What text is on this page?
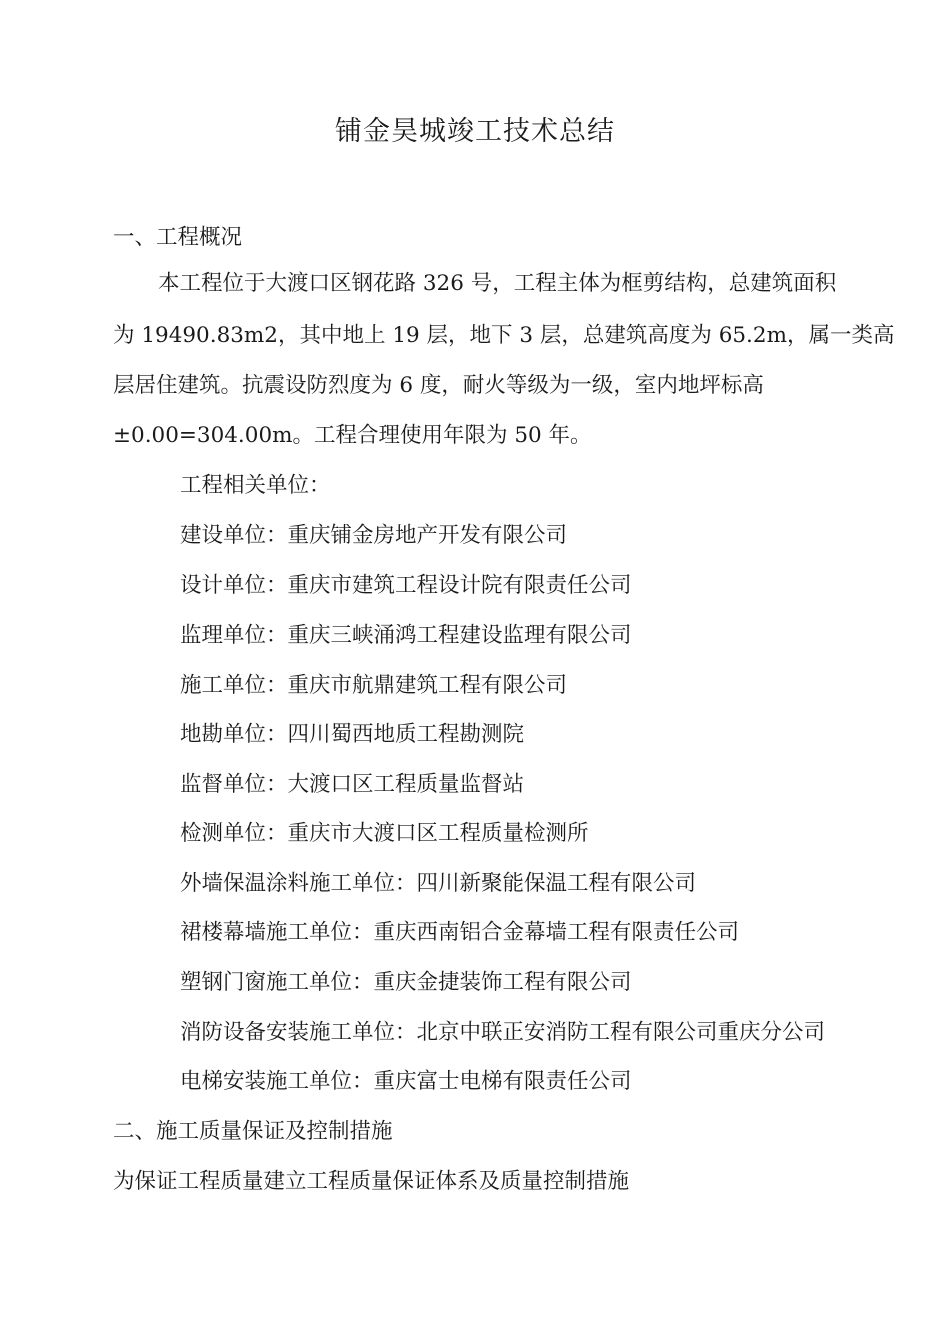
铺金昊城竣工技术总结
一、工程概况
本工程位于大渡口区钢花路 326 号，工程主体为框剪结构，总建筑面积
为 19490.83m2，其中地上 19 层，地下 3 层，总建筑高度为 65.2m，属一类高
层居住建筑。抗震设防烈度为 6 度，耐火等级为一级，室内地坪标高
±0.00=304.00m。工程合理使用年限为 50 年。
工程相关单位：
建设单位：重庆铺金房地产开发有限公司
设计单位：重庆市建筑工程设计院有限责任公司
监理单位：重庆三峡涌鸿工程建设监理有限公司
施工单位：重庆市航鼎建筑工程有限公司
地勘单位：四川蜀西地质工程勘测院
监督单位：大渡口区工程质量监督站
检测单位：重庆市大渡口区工程质量检测所
外墙保温涂料施工单位：四川新聚能保温工程有限公司
裙楼幕墙施工单位：重庆西南铝合金幕墙工程有限责任公司
塑钢门窗施工单位：重庆金捷装饰工程有限公司
消防设备安装施工单位：北京中联正安消防工程有限公司重庆分公司
电梯安装施工单位：重庆富士电梯有限责任公司
二、施工质量保证及控制措施
为保证工程质量建立工程质量保证体系及质量控制措施
